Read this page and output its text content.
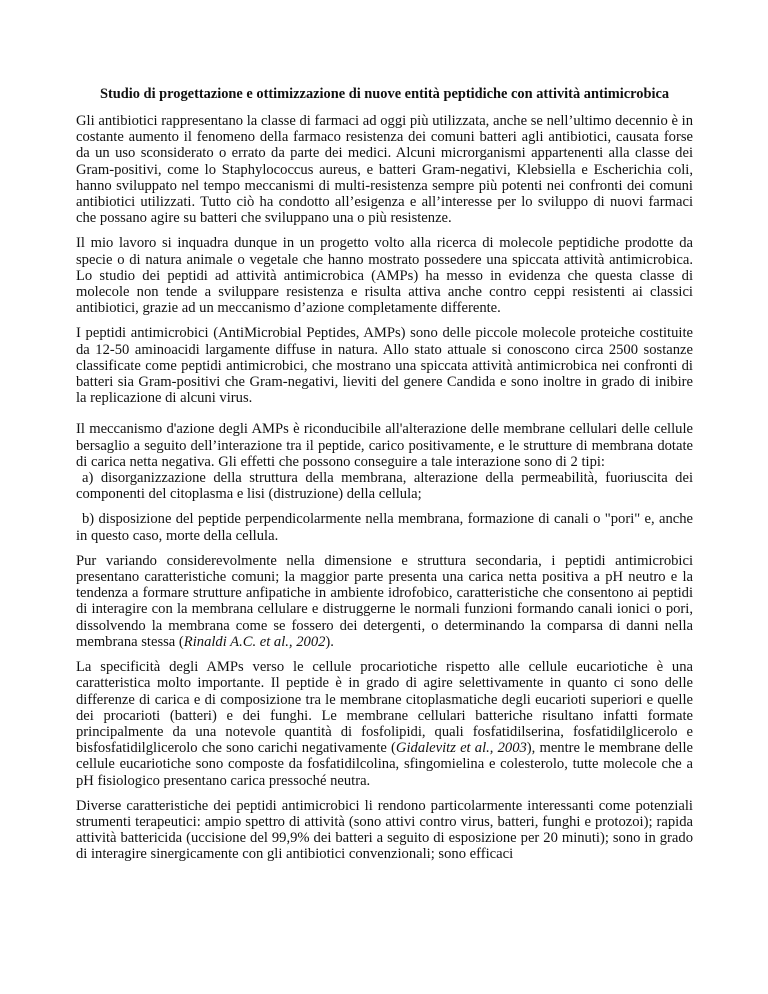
Studio di progettazione e ottimizzazione di nuove entità peptidiche con attività antimicrobica

Gli antibiotici rappresentano la classe di farmaci ad oggi più utilizzata, anche se nell’ultimo decennio è in costante aumento il fenomeno della farmaco resistenza dei comuni batteri agli antibiotici, causata forse da un uso sconsiderato o errato da parte dei medici. Alcuni microrganismi appartenenti alla classe dei Gram-positivi, come lo Staphylococcus aureus, e batteri Gram-negativi, Klebsiella e Escherichia coli, hanno sviluppato nel tempo meccanismi di multi-resistenza sempre più potenti nei confronti dei comuni antibiotici utilizzati. Tutto ciò ha condotto all’esigenza e all’interesse per lo sviluppo di nuovi farmaci che possano agire su batteri che sviluppano una o più resistenze.

Il mio lavoro si inquadra dunque in un progetto volto alla ricerca di molecole peptidiche prodotte da specie o di natura animale o vegetale che hanno mostrato possedere una spiccata attività antimicrobica. Lo studio dei peptidi ad attività antimicrobica (AMPs) ha messo in evidenza che questa classe di molecole non tende a sviluppare resistenza e risulta attiva anche contro ceppi resistenti ai classici antibiotici, grazie ad un meccanismo d’azione completamente differente.

I peptidi antimicrobici (AntiMicrobial Peptides, AMPs) sono delle piccole molecole proteiche costituite da 12-50 aminoacidi largamente diffuse in natura. Allo stato attuale si conoscono circa 2500 sostanze classificate come peptidi antimicrobici, che mostrano una spiccata attività antimicrobica nei confronti di batteri sia Gram-positivi che Gram-negativi, lieviti del genere Candida e sono inoltre in grado di inibire la replicazione di alcuni virus.

Il meccanismo d'azione degli AMPs è riconducibile all'alterazione delle membrane cellulari delle cellule bersaglio a seguito dell’interazione tra il peptide, carico positivamente, e le strutture di membrana dotate di carica netta negativa. Gli effetti che possono conseguire a tale interazione sono di 2 tipi:

a) disorganizzazione della struttura della membrana, alterazione della permeabilità, fuoriuscita dei componenti del citoplasma e lisi (distruzione) della cellula;

b) disposizione del peptide perpendicolarmente nella membrana, formazione di canali o "pori" e, anche in questo caso, morte della cellula.

Pur variando considerevolmente nella dimensione e struttura secondaria, i peptidi antimicrobici presentano caratteristiche comuni; la maggior parte presenta una carica netta positiva a pH neutro e la tendenza a formare strutture anfipatiche in ambiente idrofobico, caratteristiche che consentono ai peptidi di interagire con la membrana cellulare e distruggerne le normali funzioni formando canali ionici o pori, dissolvendo la membrana come se fossero dei detergenti, o determinando la comparsa di danni nella membrana stessa (Rinaldi A.C. et al., 2002).

La specificità degli AMPs verso le cellule procariotiche rispetto alle cellule eucariotiche è una caratteristica molto importante. Il peptide è in grado di agire selettivamente in quanto ci sono delle differenze di carica e di composizione tra le membrane citoplasmatiche degli eucarioti superiori e quelle dei procarioti (batteri) e dei funghi. Le membrane cellulari batteriche risultano infatti formate principalmente da una notevole quantità di fosfolipidi, quali fosfatidilserina, fosfatidilglicerolo e bisfosfatidilglicerolo che sono carichi negativamente (Gidalevitz et al., 2003), mentre le membrane delle cellule eucariotiche sono composte da fosfatidilcolina, sfingomielina e colesterolo, tutte molecole che a pH fisiologico presentano carica pressoché neutra.

Diverse caratteristiche dei peptidi antimicrobici li rendono particolarmente interessanti come potenziali strumenti terapeutici: ampio spettro di attività (sono attivi contro virus, batteri, funghi e protozoi); rapida attività battericida (uccisione del 99,9% dei batteri a seguito di esposizione per 20 minuti); sono in grado di interagire sinergicamente con gli antibiotici convenzionali; sono efficaci
